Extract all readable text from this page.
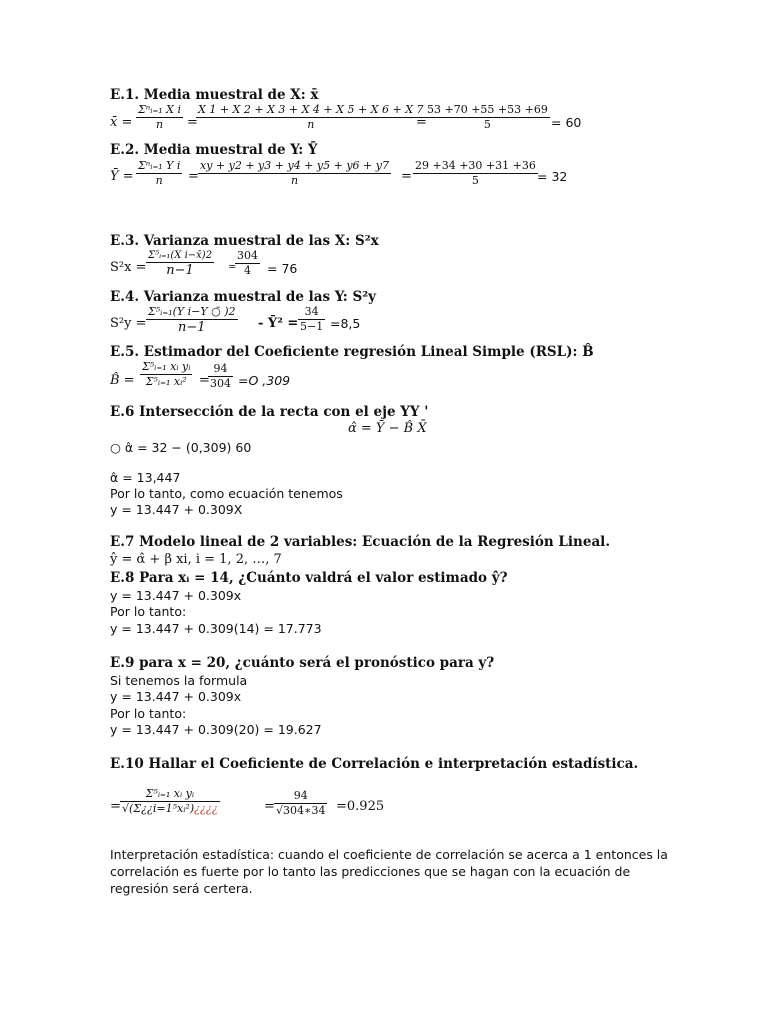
E.1. Media muestral de X: x̄
x̄ =
Σⁿᵢ₌₁ X i
n	=
$\frac{X 1 + X 2 + X 3 + X 4 + X 5 + X 6 + X 7}{n}$
=
$\frac{53 +70 +55 +53 +69}{5} = 60$
E.2. Media muestral de Y: Ȳ
Ȳ =
Σⁿᵢ₌₁ Y i
n	= $\frac{xy + y2 + y3 + y4 + y5 + y6 + y7}{n} = \frac{29 +34 +30 +31 +36}{5} = 32$
E.3. Varianza muestral de las X: S²x
S²x =
Σ⁵ᵢ₌₁(X i−x̄)2
n−1	=
$\frac{304}{4} = 76$
E.4. Varianza muestral de las Y: S²y
S²y =
Σ⁵ᵢ₌₁(Y i−Y ○̄ )2
n−1	- Ȳ² = $\frac{34}{5-1} =8,5$
E.5. Estimador del Coeficiente regresión Lineal Simple (RSL): B̂
B̂ = $\frac{\text{Σ⁵ᵢ₌₁ xᵢ yᵢ}}{\text{Σ⁵ᵢ₌₁ xᵢ²}}$ =
$\frac{94}{304} =O$ ,309
E.6 Intersección de la recta con el eje YY '
α̂ = Ȳ − B̂ X̄
○ α̂ = 32 − (0,309) 60
α̂ = 13,447
Por lo tanto, como ecuación tenemos
y = 13.447 + 0.309X
E.7 Modelo lineal de 2 variables: Ecuación de la Regresión Lineal.
ŷ = α̂ + β xi, i = 1, 2, …, 7
E.8 Para xᵢ = 14, ¿Cuánto valdrá el valor estimado ŷ?
y = 13.447 + 0.309x
Por lo tanto:
y = 13.447 + 0.309(14) = 17.773
E.9 para x = 20, ¿cuánto será el pronóstico para y?
Si tenemos la formula
y = 13.447 + 0.309x
Por lo tanto:
y = 13.447 + 0.309(20) = 19.627
E.10 Hallar el Coeficiente de Correlación e interpretación estadística.
= $\frac{\text{Σ⁵ᵢ₌₁ xᵢ yᵢ}}{\text{√(Σ¿¿i=1⁵xᵢ²)¿¿¿¿}}$	= $\frac{94}{√304∗34} =0.925$
Interpretación estadística: cuando el coeficiente de correlación se acerca a 1 entonces la
correlación es fuerte por lo tanto las predicciones que se hagan con la ecuación de
regresión será certera.
